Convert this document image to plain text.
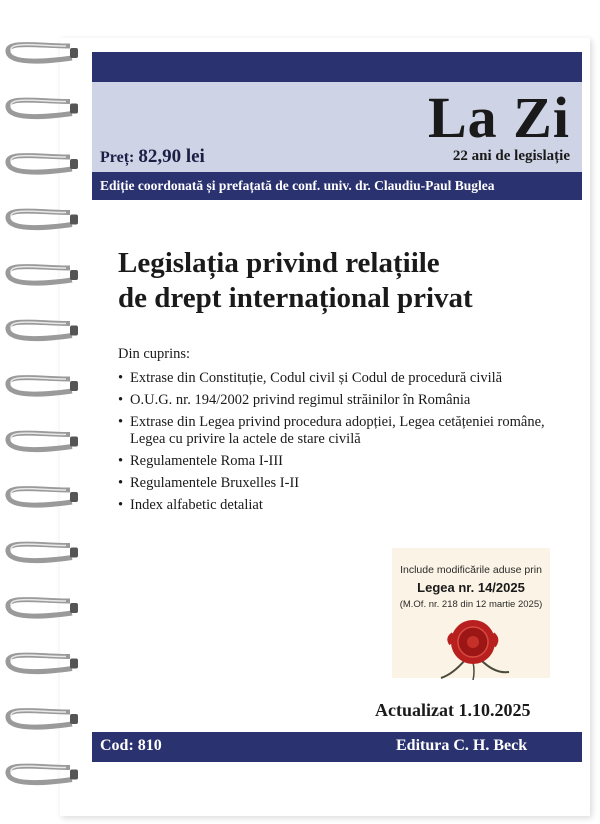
Preț: 82,90 lei
La Zi
22 ani de legislație
Ediție coordonată și prefațată de conf. univ. dr. Claudiu-Paul Buglea
Legislația privind relațiile
de drept internațional privat
Din cuprins:
• Extrase din Constituție, Codul civil și Codul de procedură civilă
• O.U.G. nr. 194/2002 privind regimul străinilor în România
• Extrase din Legea privind procedura adopției, Legea cetățeniei române, Legea cu privire la actele de stare civilă
• Regulamentele Roma I-III
• Regulamentele Bruxelles I-II
• Index alfabetic detaliat
Include modificările aduse prin
Legea nr. 14/2025
(M.Of. nr. 218 din 12 martie 2025)
Actualizat 1.10.2025
Cod: 810	Editura C. H. Beck
